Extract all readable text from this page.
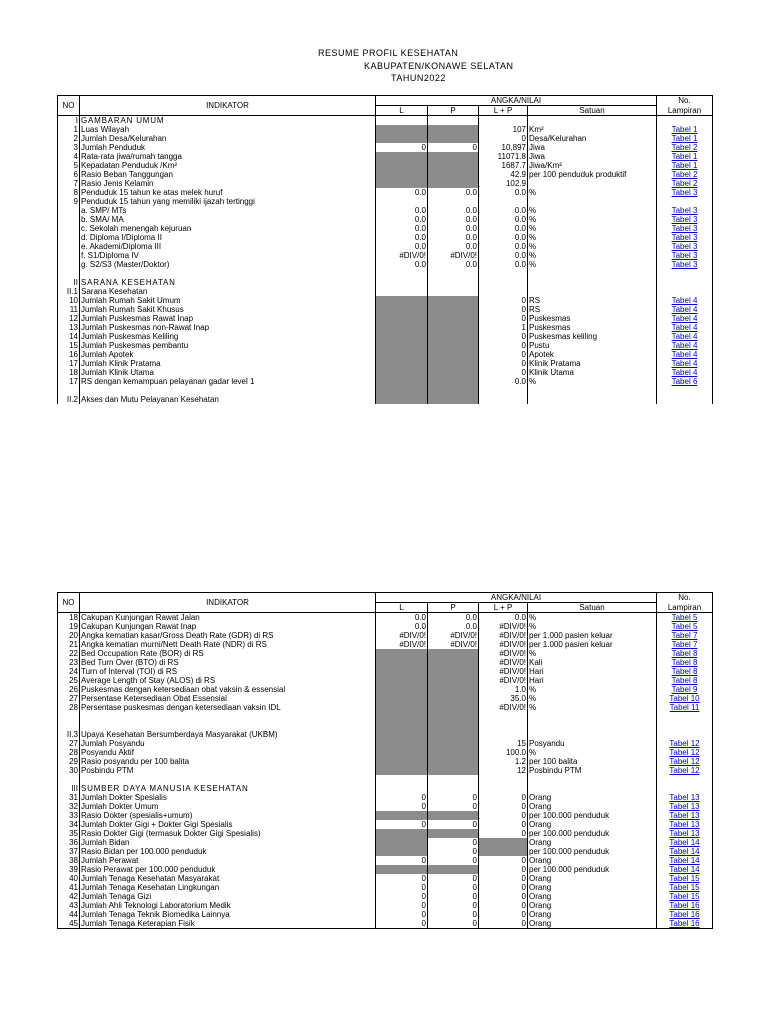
RESUME PROFIL KESEHATAN
KABUPATEN/KONAWE SELATAN
TAHUN2022
NO	INDIKATOR	ANGKA/NILAI				No.
		L	P	L + P	Satuan	Lampiran
I	GAMBARAN UMUM					
1	Luas Wilayah			107	Km²	Tabel 1
2	Jumlah Desa/Kelurahan			0	Desa/Kelurahan	Tabel 1
3	Jumlah Penduduk	0	0	10,897	Jiwa	Tabel 2
4	Rata-rata jiwa/rumah tangga			11071.8	Jiwa	Tabel 1
5	Kepadatan Penduduk /Km²			1687.7	Jiwa/Km²	Tabel 1
6	Rasio Beban Tanggungan			42.9	per 100 penduduk produktif	Tabel 2
7	Rasio Jenis Kelamin			102.9		Tabel 2
8	Penduduk 15 tahun ke atas melek huruf	0.0	0.0	0.0	%	Tabel 3
9	Penduduk 15 tahun yang memiliki ijazah tertinggi					
	a. SMP/ MTs	0.0	0.0	0.0	%	Tabel 3
	b. SMA/ MA	0.0	0.0	0.0	%	Tabel 3
	c. Sekolah menengah kejuruan	0.0	0.0	0.0	%	Tabel 3
	d. Diploma I/Diploma II	0.0	0.0	0.0	%	Tabel 3
	e. Akademi/Diploma III	0.0	0.0	0.0	%	Tabel 3
	f. S1/Diploma IV	#DIV/0!	#DIV/0!	0.0	%	Tabel 3
	g. S2/S3 (Master/Doktor)	0.0	0.0	0.0	%	Tabel 3

II	SARANA KESEHATAN					
II.1	Sarana Kesehatan					
10	Jumlah Rumah Sakit Umum			0	RS	Tabel 4
11	Jumlah Rumah Sakit Khusus			0	RS	Tabel 4
12	Jumlah Puskesmas Rawat Inap			0	Puskesmas	Tabel 4
13	Jumlah Puskesmas non-Rawat Inap			1	Puskesmas	Tabel 4
14	Jumlah Puskesmas Keliling			0	Puskesmas keliling	Tabel 4
15	Jumlah Puskesmas pembantu			0	Pustu	Tabel 4
16	Jumlah Apotek			0	Apotek	Tabel 4
17	Jumlah Klinik Pratama			0	Klinik Pratama	Tabel 4
18	Jumlah Klinik Utama			0	Klinik Utama	Tabel 4
17	RS dengan kemampuan pelayanan gadar level 1			0.0	%	Tabel 6

II.2	Akses dan Mutu Pelayanan Kesehatan					
NO	INDIKATOR	ANGKA/NILAI				No.
		L	P	L + P	Satuan	Lampiran
18	Cakupan Kunjungan Rawat Jalan	0.0	0.0	0.0	%	Tabel 5
19	Cakupan Kunjungan Rawat Inap	0.0	0.0	#DIV/0!	%	Tabel 5
20	Angka kematian kasar/Gross Death Rate (GDR) di RS	#DIV/0!	#DIV/0!	#DIV/0!	per 1.000 pasien keluar	Tabel 7
21	Angka kematian murni/Nett Death Rate (NDR) di RS	#DIV/0!	#DIV/0!	#DIV/0!	per 1.000 pasien keluar	Tabel 7
22	Bed Occupation Rate (BOR) di RS			#DIV/0!	%	Tabel 8
23	Bed Turn Over (BTO) di RS			#DIV/0!	Kali	Tabel 8
24	Turn of Interval (TOI) di RS			#DIV/0!	Hari	Tabel 8
25	Average Length of Stay (ALOS) di RS			#DIV/0!	Hari	Tabel 8
26	Puskesmas dengan ketersediaan obat vaksin & essensial			1.0	%	Tabel 9
27	Persentase Ketersediaan Obat Essensial			35.0	%	Tabel 10
28	Persentase puskesmas dengan ketersediaan vaksin IDL			#DIV/0!	%	Tabel 11

II.3	Upaya Kesehatan Bersumberdaya Masyarakat (UKBM)					
27	Jumlah Posyandu			15	Posyandu	Tabel 12
28	Posyandu Aktif			100.0	%	Tabel 12
29	Rasio posyandu per 100 balita			1.2	per 100 balita	Tabel 12
30	Posbindu PTM			12	Posbindu PTM	Tabel 12

III	SUMBER DAYA MANUSIA KESEHATAN					
31	Jumlah Dokter Spesialis	0	0	0	Orang	Tabel 13
32	Jumlah Dokter Umum	0	0	0	Orang	Tabel 13
33	Rasio Dokter (spesialis+umum)			0	per 100.000 penduduk	Tabel 13
34	Jumlah Dokter Gigi + Dokter Gigi Spesialis	0	0	0	Orang	Tabel 13
35	Rasio Dokter Gigi (termasuk Dokter Gigi Spesialis)			0	per 100.000 penduduk	Tabel 13
36	Jumlah Bidan		0		Orang	Tabel 14
37	Rasio Bidan per 100.000 penduduk		0		per 100.000 penduduk	Tabel 14
38	Jumlah Perawat	0	0	0	Orang	Tabel 14
39	Rasio Perawat per 100.000 penduduk			0	per 100.000 penduduk	Tabel 14
40	Jumlah Tenaga Kesehatan Masyarakat	0	0	0	Orang	Tabel 15
41	Jumlah Tenaga Kesehatan Lingkungan	0	0	0	Orang	Tabel 15
42	Jumlah Tenaga Gizi	0	0	0	Orang	Tabel 15
43	Jumlah Ahli Teknologi Laboratorium Medik	0	0	0	Orang	Tabel 16
44	Jumlah Tenaga Teknik Biomedika Lainnya	0	0	0	Orang	Tabel 16
45	Jumlah Tenaga Keterapian Fisik	0	0	0	Orang	Tabel 16
